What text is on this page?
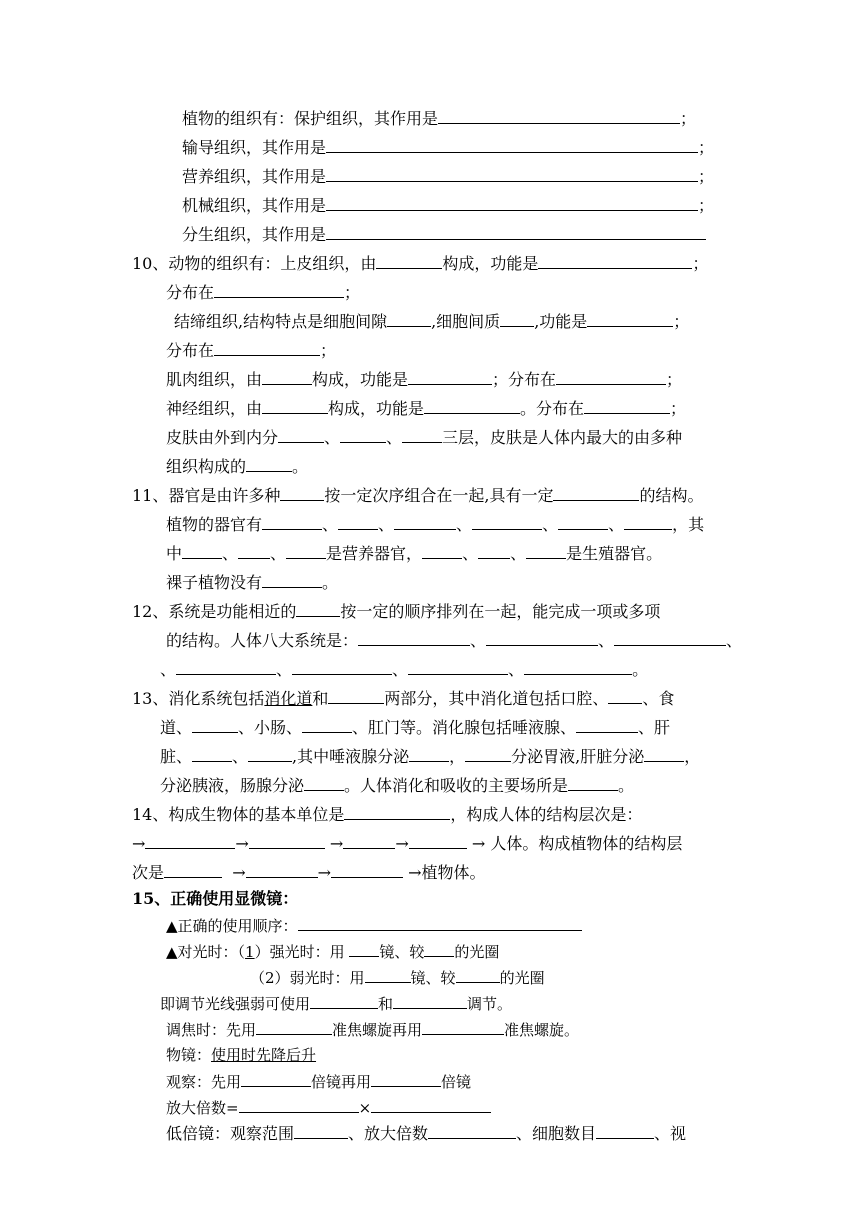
植物的组织有：保护组织，其作用是	；
输导组织，其作用是	；
营养组织，其作用是	；
机械组织，其作用是	；
分生组织，其作用是
10、动物的组织有：上皮组织，由	构成，功能是	；
分布在	；
结缔组织,结构特点是细胞间隙	,细胞间质 ,功能是	；
分布在	；
肌肉组织，由	构成，功能是	；分布在	；
神经组织，由	构成，功能是	。分布在	；
皮肤由外到内分	、	、	三层，皮肤是人体内最大的由多种
组织构成的	。
11、器官是由许多种	按一定次序组合在一起,具有一定	的结构。
植物的器官有	、	、	、	、	、	，其
中	、 、	是营养器官，	、 、	是生殖器官。
裸子植物没有	。
12、系统是功能相近的	按一定的顺序排列在一起，能完成一项或多项
的结构。人体八大系统是：	、	、	、
、	、	、	、	。
13、消化系统包括消化道和	两部分，其中消化道包括口腔、 、食
道、	、小肠、	、肛门等。消化腺包括唾液腺、	、肝
脏、	、	,其中唾液腺分泌	，	分泌胃液,肝脏分泌	，
分泌胰液，肠腺分泌	。人体消化和吸收的主要场所是	。
14、构成生物体的基本单位是	，构成人体的结构层次是：
→	→	→	→	→ 人体。构成植物体的结构层
次是	→	→	→植物体。
15、正确使用显微镜：
▲正确的使用顺序：
▲对光时：（1）强光时：用 镜、较 的光圈
（2）弱光时：用	镜、较	的光圈
即调节光线强弱可使用	和	调节。
调焦时：先用	准焦螺旋再用	准焦螺旋。
物镜：使用时先降后升
观察：先用	倍镜再用	倍镜
放大倍数=	×
低倍镜：观察范围	、放大倍数	、细胞数目	、视
